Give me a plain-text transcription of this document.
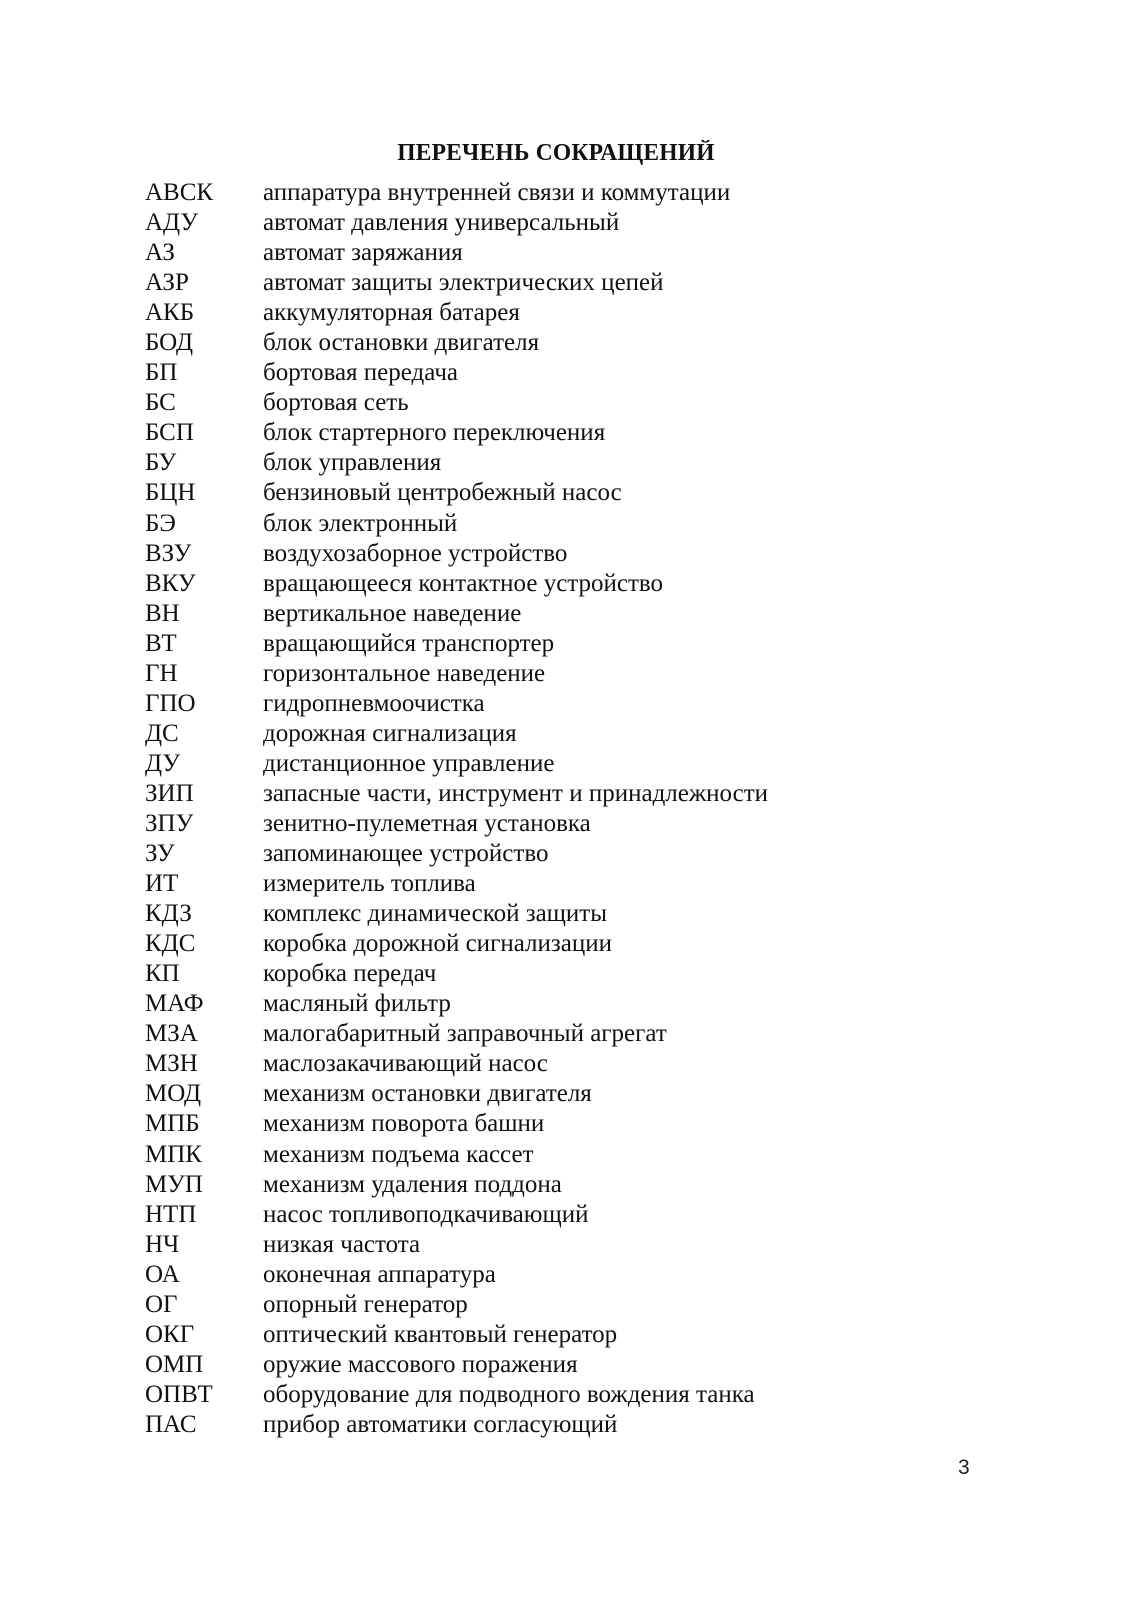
ПЕРЕЧЕНЬ СОКРАЩЕНИЙ
АВСК	аппаратура внутренней связи и коммутации
АДУ	автомат давления универсальный
АЗ	автомат заряжания
АЗР	автомат защиты электрических цепей
АКБ	аккумуляторная батарея
БОД	блок остановки двигателя
БП	бортовая передача
БС	бортовая сеть
БСП	блок стартерного переключения
БУ	блок управления
БЦН	бензиновый центробежный насос
БЭ	блок электронный
ВЗУ	воздухозаборное устройство
ВКУ	вращающееся контактное устройство
ВН	вертикальное наведение
ВТ	вращающийся транспортер
ГН	горизонтальное наведение
ГПО	гидропневмоочистка
ДС	дорожная сигнализация
ДУ	дистанционное управление
ЗИП	запасные части, инструмент и принадлежности
ЗПУ	зенитно-пулеметная установка
ЗУ	запоминающее устройство
ИТ	измеритель топлива
КДЗ	комплекс динамической защиты
КДС	коробка дорожной сигнализации
КП	коробка передач
МАФ	масляный фильтр
МЗА	малогабаритный заправочный агрегат
МЗН	маслозакачивающий насос
МОД	механизм остановки двигателя
МПБ	механизм поворота башни
МПК	механизм подъема кассет
МУП	механизм удаления поддона
НТП	насос топливоподкачивающий
НЧ	низкая частота
ОА	оконечная аппаратура
ОГ	опорный генератор
ОКГ	оптический квантовый генератор
ОМП	оружие массового поражения
ОПВТ	оборудование для подводного вождения танка
ПАС	прибор автоматики согласующий
3
